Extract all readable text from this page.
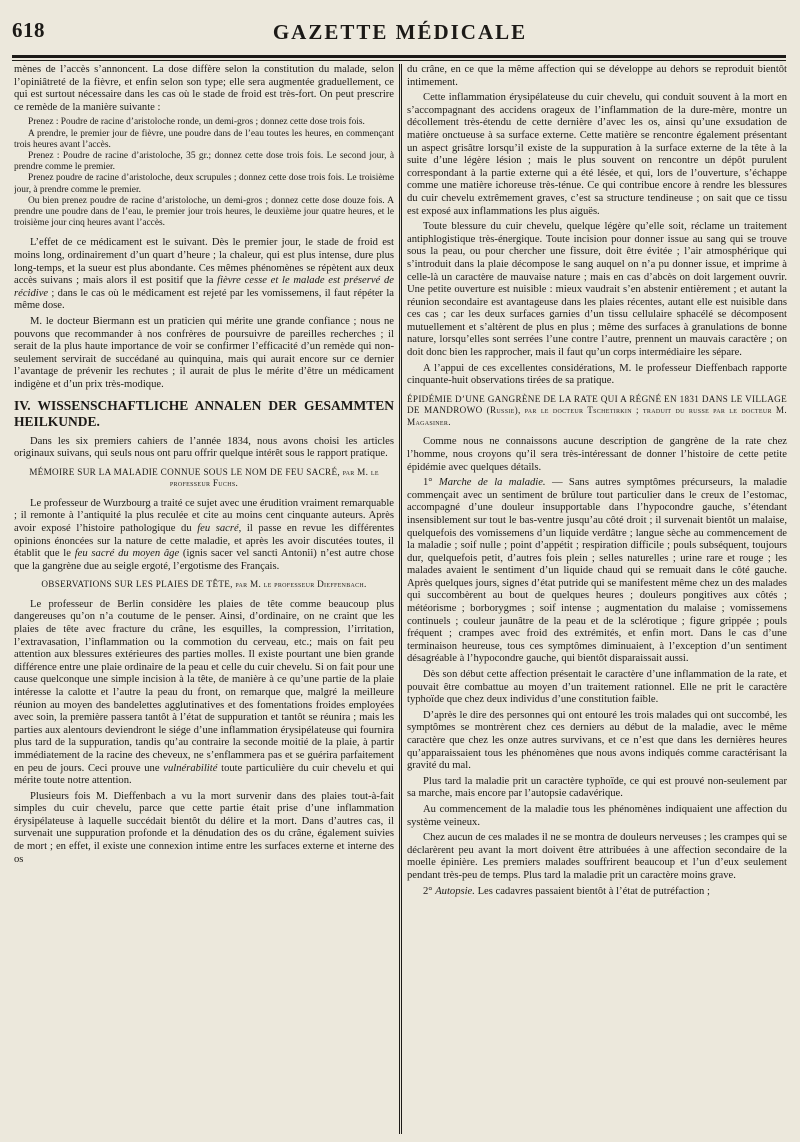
618	GAZETTE MÉDICALE

mènes de l’accès s’annoncent. La dose diffère selon la constitution du malade, selon l’opiniâtreté de la fièvre, et enfin selon son type; elle sera augmentée graduellement, ce qui est surtout nécessaire dans les cas où le stade de froid est très-fort. On peut prescrire ce remède de la manière suivante :

Prenez : Poudre de racine d’aristoloche ronde, un demi-gros ; donnez cette dose trois fois.

A prendre, le premier jour de fièvre, une poudre dans de l’eau toutes les heures, en commençant trois heures avant l’accès.

Prenez : Poudre de racine d’aristoloche, 35 gr.; donnez cette dose trois fois. Le second jour, à prendre comme le premier.

Prenez poudre de racine d’aristoloche, deux scrupules ; donnez cette dose trois fois. Le troisième jour, à prendre comme le premier.

Ou bien prenez poudre de racine d’aristoloche, un demi-gros ; donnez cette dose douze fois. A prendre une poudre dans de l’eau, le premier jour trois heures, le deuxième jour quatre heures, et le troisième jour cinq heures avant l’accès.

L’effet de ce médicament est le suivant. Dès le premier jour, le stade de froid est moins long, ordinairement d’un quart d’heure ; la chaleur, qui est plus intense, dure plus long-temps, et la sueur est plus abondante. Ces mêmes phénomènes se répètent aux deux accès suivans ; mais alors il est positif que la fièvre cesse et le malade est préservé de récidive ; dans le cas où le médicament est rejeté par les vomissemens, il faut répéter la même dose.

M. le docteur Biermann est un praticien qui mérite une grande confiance ; nous ne pouvons que recommander à nos confrères de poursuivre de pareilles recherches ; il serait de la plus haute importance de voir se confirmer l’efficacité d’un remède qui non-seulement servirait de succédané au quinquina, mais qui aurait encore sur ce dernier l’avantage de prévenir les rechutes ; il aurait de plus le mérite d’être un médicament indigène et d’un prix très-modique.

IV. WISSENSCHAFTLICHE ANNALEN DER GESAMMTEN HEILKUNDE.

Dans les six premiers cahiers de l’année 1834, nous avons choisi les articles originaux suivans, qui seuls nous ont paru offrir quelque intérêt sous le rapport pratique.

MÉMOIRE SUR LA MALADIE CONNUE SOUS LE NOM DE FEU SACRÉ, par M. le professeur Fuchs.

Le professeur de Wurzbourg a traité ce sujet avec une érudition vraiment remarquable ; il remonte à l’antiquité la plus reculée et cite au moins cent cinquante auteurs. Après avoir exposé l’histoire pathologique du feu sacré, il passe en revue les différentes opinions énoncées sur la nature de cette maladie, et après les avoir discutées toutes, il établit que le feu sacré du moyen âge (ignis sacer vel sancti Antonii) n’est autre chose que la gangrène due au seigle ergoté, l’ergotisme des Français.

OBSERVATIONS SUR LES PLAIES DE TÊTE, par M. le professeur Dieffenbach.

Le professeur de Berlin considère les plaies de tête comme beaucoup plus dangereuses qu’on n’a coutume de le penser. Ainsi, d’ordinaire, on ne craint que les plaies de tête avec fracture du crâne, les esquilles, la compression, l’irritation, l’extravasation, l’inflammation ou la commotion du cerveau, etc.; mais on fait peu attention aux blessures extérieures des parties molles. Il existe pourtant une bien grande différence entre une plaie ordinaire de la peau et celle du cuir chevelu. Si on fait pour une cause quelconque une simple incision à la tête, de manière à ce qu’une partie de la plaie intéresse la calotte et l’autre la peau du front, on remarque que, malgré la meilleure réunion au moyen des bandelettes agglutinatives et des fomentations froides employées avec soin, la première passera tantôt à l’état de suppuration et tantôt se réunira ; mais les parties aux alentours deviendront le siége d’une inflammation érysipélateuse qui fournira plus tard de la suppuration, tandis qu’au contraire la seconde moitié de la plaie, à partir immédiatement de la racine des cheveux, ne s’enflammera pas et se guérira parfaitement en peu de jours. Ceci prouve une vulnérabilité toute particulière du cuir chevelu et qui mérite toute notre attention.

Plusieurs fois M. Dieffenbach a vu la mort survenir dans des plaies tout-à-fait simples du cuir chevelu, parce que cette partie était prise d’une inflammation érysipélateuse à laquelle succédait bientôt du délire et la mort. Dans d’autres cas, il survenait une suppuration profonde et la dénudation des os du crâne, également suivies de mort ; en effet, il existe une connexion intime entre les surfaces externe et interne des os

du crâne, en ce que la même affection qui se développe au dehors se reproduit bientôt intimement.

Cette inflammation érysipélateuse du cuir chevelu, qui conduit souvent à la mort en s’accompagnant des accidens orageux de l’inflammation de la dure-mère, montre un décollement très-étendu de cette dernière d’avec les os, ainsi qu’une exsudation de matière onctueuse à sa surface externe. Cette matière se rencontre également présentant un aspect grisâtre lorsqu’il existe de la suppuration à la surface externe de la tête à la suite d’une légère lésion ; mais le plus souvent on rencontre un dépôt purulent correspondant à la partie externe qui a été lésée, et qui, lors de l’ouverture, s’échappe comme une matière ichoreuse très-ténue. Ce qui contribue encore à rendre les blessures du cuir chevelu extrêmement graves, c’est sa structure tendineuse ; on sait que ce tissu est exposé aux inflammations les plus aiguës.

Toute blessure du cuir chevelu, quelque légère qu’elle soit, réclame un traitement antiphlogistique très-énergique. Toute incision pour donner issue au sang qui se trouve sous la peau, ou pour chercher une fissure, doit être évitée ; l’air atmosphérique qui s’introduit dans la plaie décompose le sang auquel on n’a pu donner issue, et imprime à celle-là un caractère de mauvaise nature ; mais en cas d’abcès on doit largement ouvrir. Une petite ouverture est nuisible : mieux vaudrait s’en abstenir entièrement ; et autant la réunion secondaire est avantageuse dans les plaies récentes, autant elle est nuisible dans ces cas ; car les deux surfaces garnies d’un tissu cellulaire sphacélé se décomposent mutuellement et s’altèrent de plus en plus ; même des surfaces à granulations de bonne nature, lorsqu’elles sont serrées l’une contre l’autre, prennent un mauvais caractère ; on doit donc bien les rapprocher, mais il faut qu’un corps intermédiaire les sépare.

A l’appui de ces excellentes considérations, M. le professeur Dieffenbach rapporte cinquante-huit observations tirées de sa pratique.

ÉPIDÉMIE D’UNE GANGRÈNE DE LA RATE QUI A RÉGNÉ EN 1831 DANS LE VILLAGE DE MANDROWO (Russie), par le docteur Tschetirkin ; traduit du russe par le docteur M. Magasiner.

Comme nous ne connaissons aucune description de gangrène de la rate chez l’homme, nous croyons qu’il sera très-intéressant de donner l’histoire de cette petite épidémie avec quelques détails.

1° Marche de la maladie. — Sans autres symptômes précurseurs, la maladie commençait avec un sentiment de brûlure tout particulier dans le creux de l’estomac, accompagné d’une douleur insupportable dans l’hypocondre gauche, s’étendant insensiblement sur tout le bas-ventre jusqu’au côté droit ; il survenait bientôt un malaise, quelquefois des vomissemens d’un liquide verdâtre ; langue sèche au commencement de la maladie ; soif nulle ; point d’appétit ; respiration difficile ; pouls subséquent, toujours dur, quelquefois petit, d’autres fois plein ; selles naturelles ; urine rare et rouge ; les malades avaient le sentiment d’un liquide chaud qui se remuait dans le côté gauche. Après quelques jours, signes d’état putride qui se manifestent même chez un des malades qui succombèrent au bout de quelques heures ; douleurs pongitives aux côtés ; météorisme ; borborygmes ; soif intense ; augmentation du malaise ; vomissemens continuels ; couleur jaunâtre de la peau et de la sclérotique ; figure grippée ; pouls fréquent ; crampes avec froid des extrémités, et enfin mort. Dans le cas d’une terminaison heureuse, tous ces symptômes diminuaient, à l’exception d’un sentiment désagréable à l’hypocondre gauche, qui bientôt disparaissait aussi.

Dès son début cette affection présentait le caractère d’une inflammation de la rate, et pouvait être combattue au moyen d’un traitement rationnel. Elle ne prit le caractère typhoïde que chez deux individus d’une constitution faible.

D’après le dire des personnes qui ont entouré les trois malades qui ont succombé, les symptômes se montrèrent chez ces derniers au début de la maladie, avec le même caractère que chez les onze autres survivans, et ce n’est que dans les dernières heures qu’apparaissaient tous les phénomènes que nous avons indiqués comme caractérisant la gravité du mal.

Plus tard la maladie prit un caractère typhoïde, ce qui est prouvé non-seulement par sa marche, mais encore par l’autopsie cadavérique.

Au commencement de la maladie tous les phénomènes indiquaient une affection du système veineux.

Chez aucun de ces malades il ne se montra de douleurs nerveuses ; les crampes qui se déclarèrent peu avant la mort doivent être attribuées à une affection secondaire de la moelle épinière. Les premiers malades souffrirent beaucoup et l’un d’eux seulement pendant très-peu de temps. Plus tard la maladie prit un caractère moins grave.

2° Autopsie. Les cadavres passaient bientôt à l’état de putréfaction ;
